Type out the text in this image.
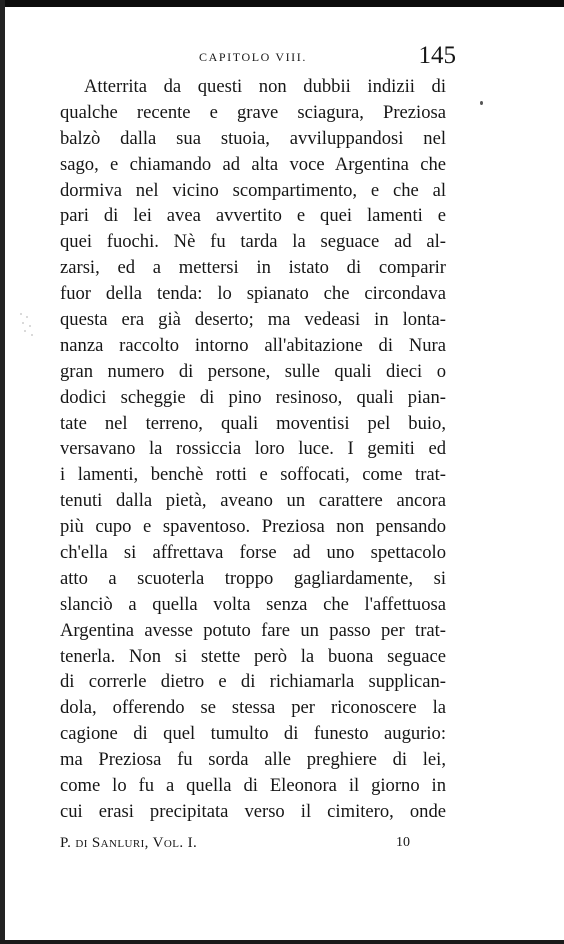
CAPITOLO VIII.	145
Atterrita da questi non dubbii indizii di
qualche recente e grave sciagura, Preziosa
balzò dalla sua stuoia, avviluppandosi nel
sago, e chiamando ad alta voce Argentina che
dormiva nel vicino scompartimento, e che al
pari di lei avea avvertito e quei lamenti e
quei fuochi. Nè fu tarda la seguace ad al-
zarsi, ed a mettersi in istato di comparir
fuor della tenda: lo spianato che circondava
questa era già deserto; ma vedeasi in lonta-
nanza raccolto intorno all'abitazione di Nura
gran numero di persone, sulle quali dieci o
dodici scheggie di pino resinoso, quali pian-
tate nel terreno, quali moventisi pel buio,
versavano la rossiccia loro luce. I gemiti ed
i lamenti, benchè rotti e soffocati, come trat-
tenuti dalla pietà, aveano un carattere ancora
più cupo e spaventoso. Preziosa non pensando
ch'ella si affrettava forse ad uno spettacolo
atto a scuoterla troppo gagliardamente, si
slanciò a quella volta senza che l'affettuosa
Argentina avesse potuto fare un passo per trat-
tenerla. Non si stette però la buona seguace
di correrle dietro e di richiamarla supplican-
dola, offerendo se stessa per riconoscere la
cagione di quel tumulto di funesto augurio:
ma Preziosa fu sorda alle preghiere di lei,
come lo fu a quella di Eleonora il giorno in
cui erasi precipitata verso il cimitero, onde
P. di Sanluri, Vol. I.	10
